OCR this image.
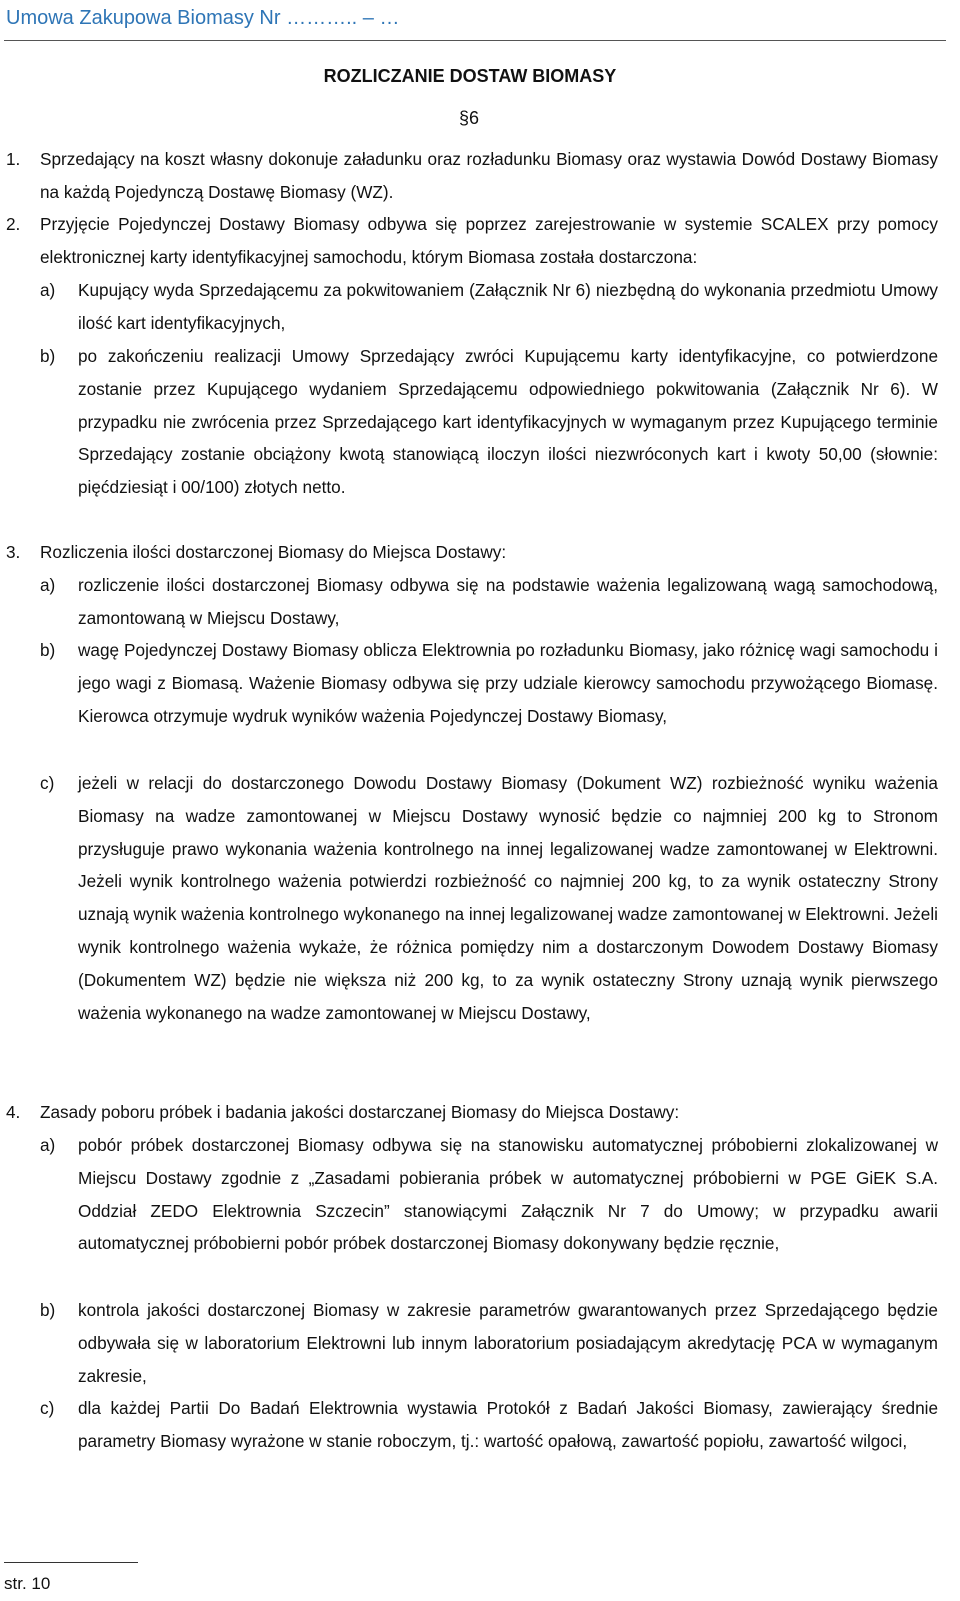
Umowa Zakupowa Biomasy Nr ……….. – …
ROZLICZANIE DOSTAW BIOMASY
§6
1. Sprzedający na koszt własny dokonuje załadunku oraz rozładunku Biomasy oraz wystawia Dowód Dostawy Biomasy na każdą Pojedynczą Dostawę Biomasy (WZ).
2. Przyjęcie Pojedynczej Dostawy Biomasy odbywa się poprzez zarejestrowanie w systemie SCALEX przy pomocy elektronicznej karty identyfikacyjnej samochodu, którym Biomasa została dostarczona:
a) Kupujący wyda Sprzedającemu za pokwitowaniem (Załącznik Nr 6) niezbędną do wykonania przedmiotu Umowy ilość kart identyfikacyjnych,
b) po zakończeniu realizacji Umowy Sprzedający zwróci Kupującemu karty identyfikacyjne, co potwierdzone zostanie przez Kupującego wydaniem Sprzedającemu odpowiedniego pokwitowania (Załącznik Nr 6). W przypadku nie zwrócenia przez Sprzedającego kart identyfikacyjnych w wymaganym przez Kupującego terminie Sprzedający zostanie obciążony kwotą stanowiącą iloczyn ilości niezwróconych kart i kwoty 50,00 (słownie: pięćdziesiąt i 00/100) złotych netto.
3. Rozliczenia ilości dostarczonej Biomasy do Miejsca Dostawy:
a) rozliczenie ilości dostarczonej Biomasy odbywa się na podstawie ważenia legalizowaną wagą samochodową, zamontowaną w Miejscu Dostawy,
b) wagę Pojedynczej Dostawy Biomasy oblicza Elektrownia po rozładunku Biomasy, jako różnicę wagi samochodu i jego wagi z Biomasą. Ważenie Biomasy odbywa się przy udziale kierowcy samochodu przywożącego Biomasę. Kierowca otrzymuje wydruk wyników ważenia Pojedynczej Dostawy Biomasy,
c) jeżeli w relacji do dostarczonego Dowodu Dostawy Biomasy (Dokument WZ) rozbieżność wyniku ważenia Biomasy na wadze zamontowanej w Miejscu Dostawy wynosić będzie co najmniej 200 kg to Stronom przysługuje prawo wykonania ważenia kontrolnego na innej legalizowanej wadze zamontowanej w Elektrowni. Jeżeli wynik kontrolnego ważenia potwierdzi rozbieżność co najmniej 200 kg, to za wynik ostateczny Strony uznają wynik ważenia kontrolnego wykonanego na innej legalizowanej wadze zamontowanej w Elektrowni. Jeżeli wynik kontrolnego ważenia wykaże, że różnica pomiędzy nim a dostarczonym Dowodem Dostawy Biomasy (Dokumentem WZ) będzie nie większa niż 200 kg, to za wynik ostateczny Strony uznają wynik pierwszego ważenia wykonanego na wadze zamontowanej w Miejscu Dostawy,
4. Zasady poboru próbek i badania jakości dostarczanej Biomasy do Miejsca Dostawy:
a) pobór próbek dostarczonej Biomasy odbywa się na stanowisku automatycznej próbobierni zlokalizowanej w Miejscu Dostawy zgodnie z „Zasadami pobierania próbek w automatycznej próbobierni w PGE GiEK S.A. Oddział ZEDO Elektrownia Szczecin” stanowiącymi Załącznik Nr 7 do Umowy; w przypadku awarii automatycznej próbobierni pobór próbek dostarczonej Biomasy dokonywany będzie ręcznie,
b) kontrola jakości dostarczonej Biomasy w zakresie parametrów gwarantowanych przez Sprzedającego będzie odbywała się w laboratorium Elektrowni lub innym laboratorium posiadającym akredytację PCA w wymaganym zakresie,
c) dla każdej Partii Do Badań Elektrownia wystawia Protokół z Badań Jakości Biomasy, zawierający średnie parametry Biomasy wyrażone w stanie roboczym, tj.: wartość opałową, zawartość popiołu, zawartość wilgoci,
str. 10
